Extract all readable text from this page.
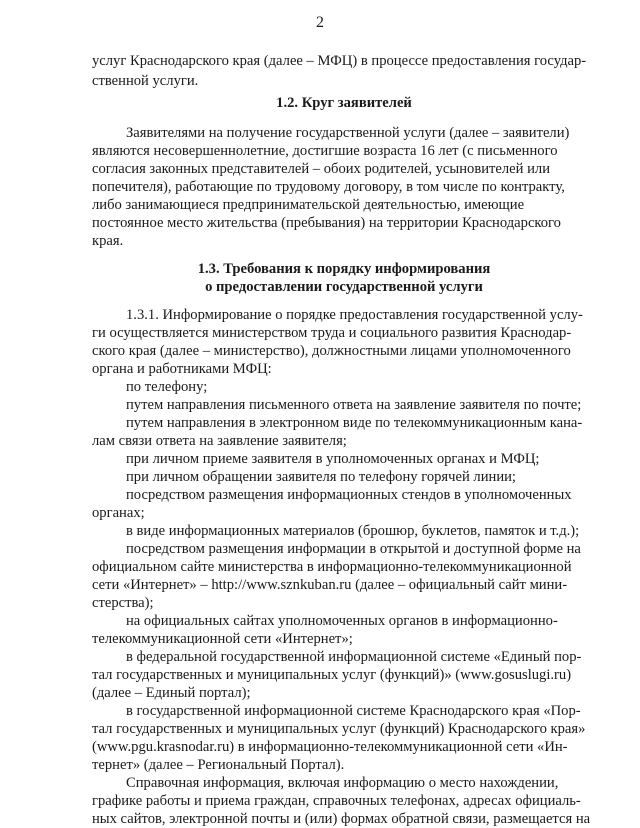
2
услуг Краснодарского края (далее – МФЦ) в процессе предоставления государ-
ственной услуги.
1.2. Круг заявителей
Заявителями на получение государственной услуги (далее – заявители)
являются несовершеннолетние, достигшие возраста 16 лет (с письменного
согласия законных представителей – обоих родителей, усыновителей или
попечителя), работающие по трудовому договору, в том числе по контракту,
либо занимающиеся предпринимательской деятельностью, имеющие
постоянное место жительства (пребывания) на территории Краснодарского
края.
1.3. Требования к порядку информирования
о предоставлении государственной услуги
1.3.1. Информирование о порядке предоставления государственной услу-
ги осуществляется министерством труда и социального развития Краснодар-
ского края (далее – министерство), должностными лицами уполномоченного
органа и работниками МФЦ:
по телефону;
путем направления письменного ответа на заявление заявителя по почте;
путем направления в электронном виде по телекоммуникационным кана-
лам связи ответа на заявление заявителя;
при личном приеме заявителя в уполномоченных органах и МФЦ;
при личном обращении заявителя по телефону горячей линии;
посредством размещения информационных стендов в уполномоченных
органах;
в виде информационных материалов (брошюр, буклетов, памяток и т.д.);
посредством размещения информации в открытой и доступной форме на
официальном сайте министерства в информационно-телекоммуникационной
сети «Интернет» – http://www.sznkuban.ru (далее – официальный сайт мини-
стерства);
на официальных сайтах уполномоченных органов в информационно-
телекоммуникационной сети «Интернет»;
в федеральной государственной информационной системе «Единый пор-
тал государственных и муниципальных услуг (функций)» (www.gosuslugi.ru)
(далее – Единый портал);
в государственной информационной системе Краснодарского края «Пор-
тал государственных и муниципальных услуг (функций) Краснодарского края»
(www.pgu.krasnodar.ru) в информационно-телекоммуникационной сети «Ин-
тернет» (далее – Региональный Портал).
Справочная информация, включая информацию о место нахождении,
графике работы и приема граждан, справочных телефонах, адресах официаль-
ных сайтов, электронной почты и (или) формах обратной связи, размещается на
